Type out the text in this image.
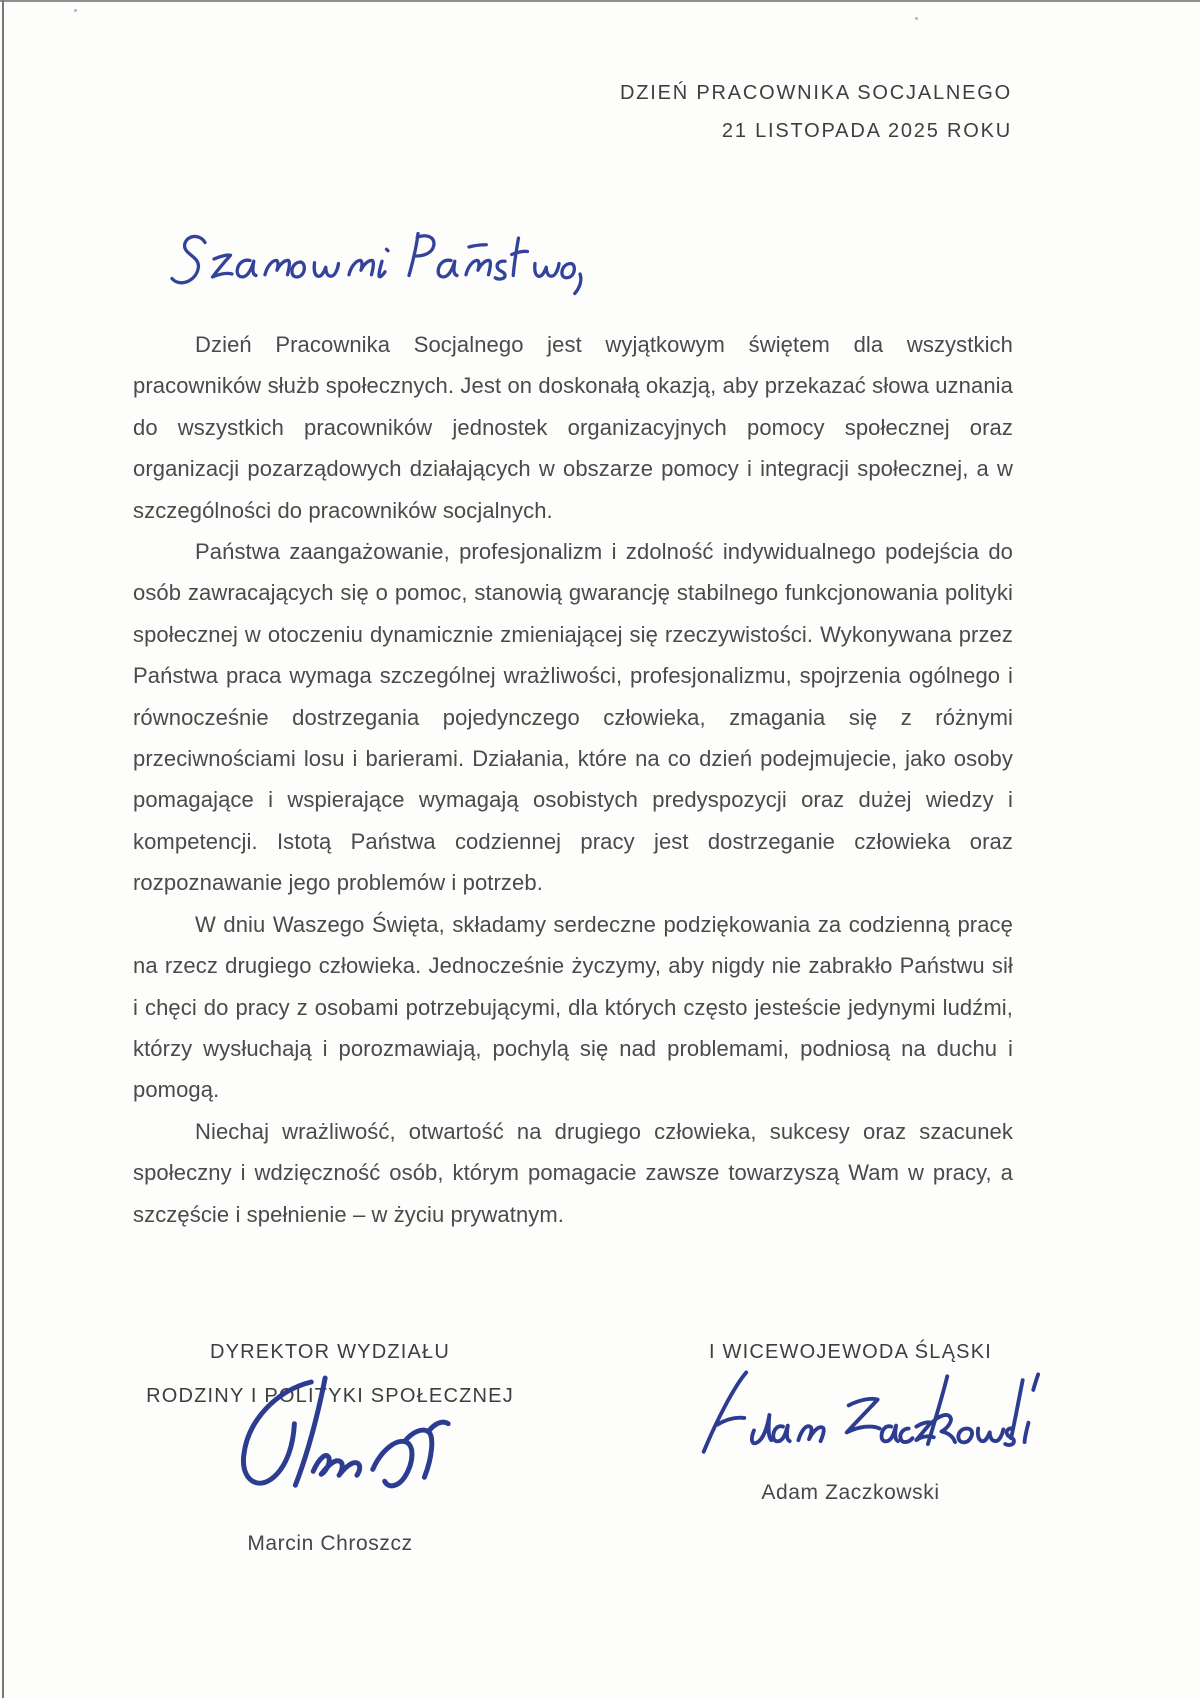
DZIEŃ PRACOWNIKA SOCJALNEGO
21 LISTOPADA 2025 ROKU

Dzień Pracownika Socjalnego jest wyjątkowym świętem dla wszystkich pracowników służb społecznych. Jest on doskonałą okazją, aby przekazać słowa uznania do wszystkich pracowników jednostek organizacyjnych pomocy społecznej oraz organizacji pozarządowych działających w obszarze pomocy i integracji społecznej, a w szczególności do pracowników socjalnych.

Państwa zaangażowanie, profesjonalizm i zdolność indywidualnego podejścia do osób zawracających się o pomoc, stanowią gwarancję stabilnego funkcjonowania polityki społecznej w otoczeniu dynamicznie zmieniającej się rzeczywistości. Wykonywana przez Państwa praca wymaga szczególnej wrażliwości, profesjonalizmu, spojrzenia ogólnego i równocześnie dostrzegania pojedynczego człowieka, zmagania się z różnymi przeciwnościami losu i barierami. Działania, które na co dzień podejmujecie, jako osoby pomagające i wspierające wymagają osobistych predyspozycji oraz dużej wiedzy i kompetencji. Istotą Państwa codziennej pracy jest dostrzeganie człowieka oraz rozpoznawanie jego problemów i potrzeb.

W dniu Waszego Święta, składamy serdeczne podziękowania za codzienną pracę na rzecz drugiego człowieka. Jednocześnie życzymy, aby nigdy nie zabrakło Państwu sił i chęci do pracy z osobami potrzebującymi, dla których często jesteście jedynymi ludźmi, którzy wysłuchają i porozmawiają, pochylą się nad problemami, podniosą na duchu i pomogą.

Niechaj wrażliwość, otwartość na drugiego człowieka, sukcesy oraz szacunek społeczny i wdzięczność osób, którym pomagacie zawsze towarzyszą Wam w pracy, a szczęście i spełnienie – w życiu prywatnym.

DYREKTOR WYDZIAŁU
RODZINY I POLITYKI SPOŁECZNEJ
Marcin Chroszcz
I WICEWOJEWODA ŚLĄSKI
Adam Zaczkowski
